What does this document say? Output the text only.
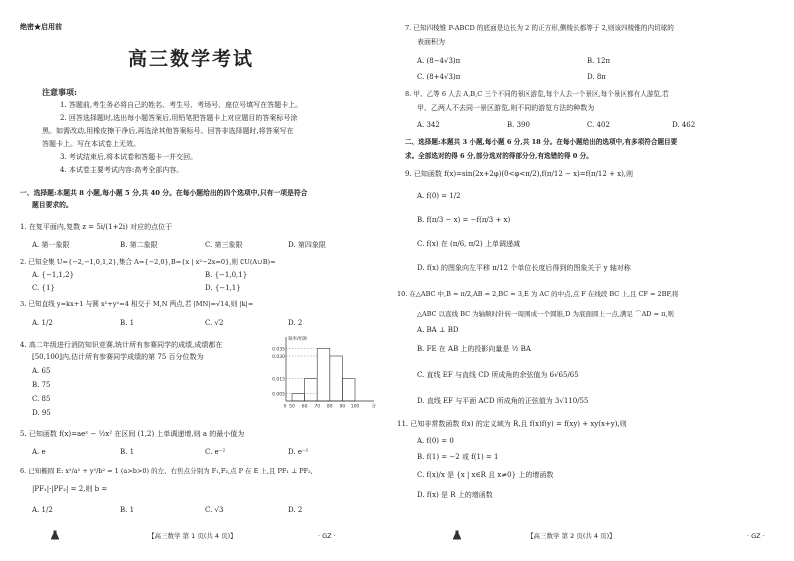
绝密★启用前
高三数学考试
注意事项:
1. 答题前,考生务必将自己的姓名、考生号、考场号、座位号填写在答题卡上。
2. 回答选择题时,选出每小题答案后,用铅笔把答题卡上对应题目的答案标号涂
黑。如需改动,用橡皮擦干净后,再选涂其他答案标号。回答非选择题时,将答案写在
答题卡上。写在本试卷上无效。
3. 考试结束后,将本试卷和答题卡一并交回。
4. 本试卷主要考试内容:高考全部内容。
一、选择题:本题共 8 小题,每小题 5 分,共 40 分。在每小题给出的四个选项中,只有一项是符合
题目要求的。
1. 在复平面内,复数 z = 5i/(1+2i) 对应的点位于
A. 第一象限	B. 第二象限	C. 第三象限	D. 第四象限
2. 已知全集 U={−2,−1,0,1,2},集合 A={−2,0},B={x | x²−2x=0},则 ∁U(A∪B)=
A. {−1,1,2}	B. {−1,0,1}
C. {1}	D. {−1,1}
3. 已知直线 y=kx+1 与圆 x²+y²=4 相交于 M,N 两点,若 |MN|=√14,则 |k|=
A. 1/2	B. 1	C. √2	D. 2
4. 高二年级进行消防知识竞赛,统计所有参赛同学的成绩,成绩都在
[50,100]内,估计所有参赛同学成绩的第 75 百分位数为
A. 65
B. 75
C. 85
D. 95
0.035
0.030
0.015
0.005
0 50 60 70 80 90 100	分
频率/组距
5. 已知函数 f(x)=aeˣ − ½x² 在区间 (1,2) 上单调递增,则 a 的最小值为
A. e	B. 1	C. e⁻²	D. e⁻¹
6. 已知椭圆 E: x²/a² + y²/b² = 1 (a>b>0) 的左、右焦点分别为 F₁,F₂,点 P 在 E 上,且 PF₁ ⊥ PF₂,
|PF₁|·|PF₂| = 2,则 b =
A. 1/2	B. 1	C. √3	D. 2
【高三数学 第 1 页(共 4 页)】	· GZ ·
7. 已知四棱锥 P-ABCD 的底面是边长为 2 的正方形,侧棱长都等于 2,则该四棱锥的内切球的
表面积为
A. (8−4√3)π	B. 12π
C. (8+4√3)π	D. 8π
8. 甲、乙等 6 人去 A,B,C 三个不同的景区游览,每个人去一个景区,每个景区都有人游览,若
甲、乙两人不去同一景区游览,则不同的游览方法的种数为
A. 342	B. 390	C. 402	D. 462
二、选择题:本题共 3 小题,每小题 6 分,共 18 分。在每小题给出的选项中,有多项符合题目要
求。全部选对的得 6 分,部分选对的得部分分,有选错的得 0 分。
9. 已知函数 f(x)=sin(2x+2φ)(0<φ<π/2),f(π/12 − x)=f(π/12 + x),则
A. f(0) = 1/2
B. f(π/3 − x) = −f(π/3 + x)
C. f(x) 在 (π/6, π/2) 上单调递减
D. f(x) 的图象向左平移 π/12 个单位长度后得到的图象关于 y 轴对称
10. 在△ABC 中,B = π/2,AB = 2,BC = 3,E 为 AC 的中点,点 F 在线段 BC 上,且 CF = 2BF,将
△ABC 以直线 BC 为轴顺时针转一周围成一个圆锥,D 为底面圆上一点,满足 ⌒AD = π,则
A. BA ⊥ BD
B. FE 在 AB 上的投影向量是 ½ BA
C. 直线 EF 与直线 CD 所成角的余弦值为 6√65/65
D. 直线 EF 与平面 ACD 所成角的正弦值为 3√110/55
11. 已知非常数函数 f(x) 的定义域为 R,且 f(x)f(y) = f(xy) + xy(x+y),则
A. f(0) = 0
B. f(1) = −2 或 f(1) = 1
C. f(x)/x 是 {x | x∈R 且 x≠0} 上的增函数
D. f(x) 是 R 上的增函数
【高三数学 第 2 页(共 4 页)】	· GZ ·
